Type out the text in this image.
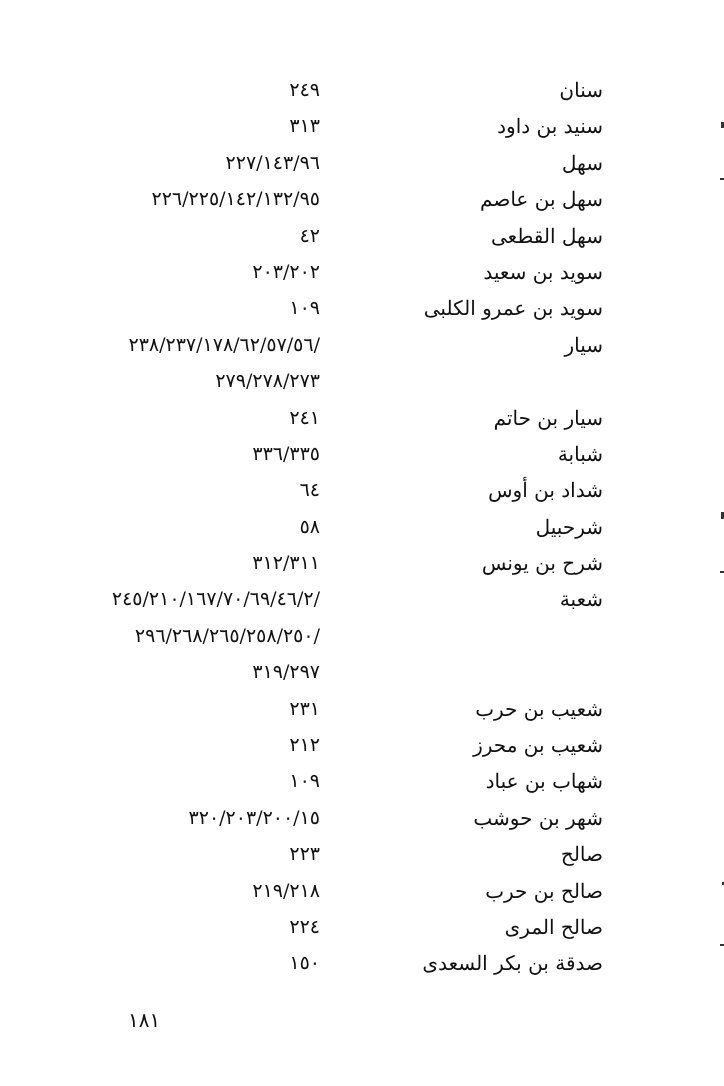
سنان
٢٤٩
سنيد بن داود
٣١٣
سهل
٢٢٧/١٤٣/٩٦
سهل بن عاصم
٢٢٦/٢٢٥/١٤٢/١٣٢/٩٥
سهل القطعى
٤٢
سويد بن سعيد
٢٠٣/٢٠٢
سويد بن عمرو الكلبى
١٠٩
سيار
/٢٣٨/٢٣٧/١٧٨/٦٢/٥٧/٥٦
٢٧٩/٢٧٨/٢٧٣
سيار بن حاتم
٢٤١
شبابة
٣٣٦/٣٣٥
شداد بن أوس
٦٤
شرحبيل
٥٨
شرح بن يونس
٣١٢/٣١١
شعبة
/٢٤٥/٢١٠/١٦٧/٧٠/٦٩/٤٦/٢
/٢٩٦/٢٦٨/٢٦٥/٢٥٨/٢٥٠
٣١٩/٢٩٧
شعيب بن حرب
٢٣١
شعيب بن محرز
٢١٢
شهاب بن عباد
١٠٩
شهر بن حوشب
٣٢٠/٢٠٣/٢٠٠/١٥
صالح
٢٢٣
صالح بن حرب
٢١٩/٢١٨
صالح المرى
٢٢٤
صدقة بن بكر السعدى
١٥٠
١٨١
